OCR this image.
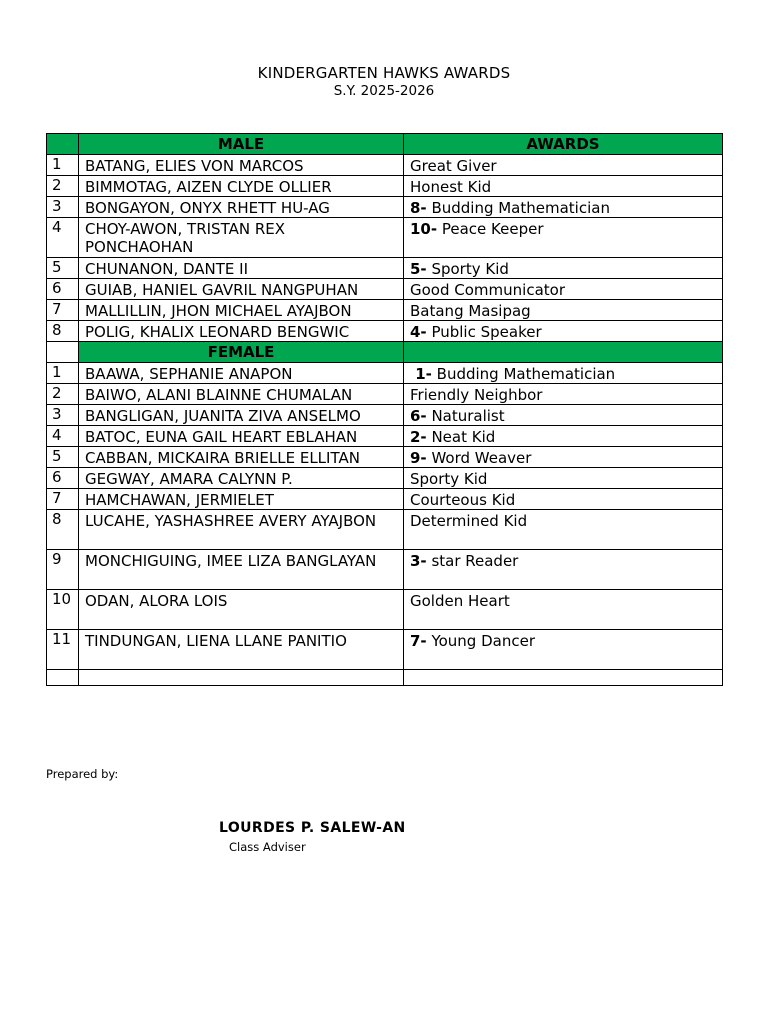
KINDERGARTEN HAWKS AWARDS
S.Y. 2025-2026
	MALE	AWARDS
1	BATANG, ELIES VON MARCOS	Great Giver
2	BIMMOTAG, AIZEN CLYDE OLLIER	Honest Kid
3	BONGAYON, ONYX RHETT HU-AG	8- Budding Mathematician
4	CHOY-AWON, TRISTAN REX PONCHAOHAN	10- Peace Keeper
5	CHUNANON, DANTE II	5- Sporty Kid
6	GUIAB, HANIEL GAVRIL NANGPUHAN	Good Communicator
7	MALLILLIN, JHON MICHAEL AYAJBON	Batang Masipag
8	POLIG, KHALIX LEONARD BENGWIC	4- Public Speaker
	FEMALE	
1	BAAWA, SEPHANIE ANAPON	1- Budding Mathematician
2	BAIWO, ALANI BLAINNE CHUMALAN	Friendly Neighbor
3	BANGLIGAN, JUANITA ZIVA ANSELMO	6- Naturalist
4	BATOC, EUNA GAIL HEART EBLAHAN	2- Neat Kid
5	CABBAN, MICKAIRA BRIELLE ELLITAN	9- Word Weaver
6	GEGWAY, AMARA CALYNN P.	Sporty Kid
7	HAMCHAWAN, JERMIELET	Courteous Kid
8	LUCAHE, YASHASHREE AVERY AYAJBON	Determined Kid
9	MONCHIGUING, IMEE LIZA BANGLAYAN	3- star Reader
10	ODAN, ALORA LOIS	Golden Heart
11	TINDUNGAN, LIENA LLANE PANITIO	7- Young Dancer

Prepared by:
LOURDES P. SALEW-AN
Class Adviser
